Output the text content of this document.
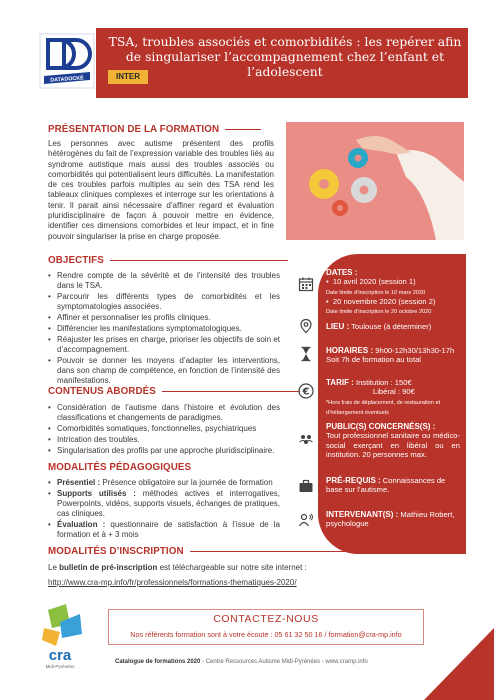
DATADOCKÉ
TSA, troubles associés et comorbidités : les repérer afin de singulariser l’accompagnement chez l’enfant et l’adolescent
INTER
PRÉSENTATION DE LA FORMATION
Les personnes avec autisme présentent des profils hétérogènes du fait de l’expression variable des troubles liés au syndrome autistique mais aussi des troubles associés ou comorbidités qui potentialisent leurs difficultés. La manifestation de ces troubles parfois multiples au sein des TSA rend les tableaux cliniques complexes et interroge sur les orientations à tenir. Il parait ainsi nécessaire d’affiner regard et évaluation pluridisciplinaire de façon à pouvoir mettre en évidence, identifier ces dimensions comorbides et leur impact, et in fine pouvoir singulariser la prise en charge proposée.
OBJECTIFS
• Rendre compte de la sévérité et de l’intensité des troubles dans le TSA.
• Parcourir les différents types de comorbidités et les symptomatologies associées.
• Affiner et personnaliser les profils cliniques.
• Différencier les manifestations symptomatologiques.
• Réajuster les prises en charge, prioriser les objectifs de soin et d’accompagnement.
• Pouvoir se donner les moyens d’adapter les interventions, dans son champ de compétence, en fonction de l’intensité des manifestations.
CONTENUS ABORDÉS
• Considération de l’autisme dans l’histoire et évolution des classifications et changements de paradigmes.
• Comorbidités somatiques, fonctionnelles, psychiatriques
• Intrication des troubles.
• Singularisation des profils par une approche pluridisciplinaire.
MODALITÉS PÉDAGOGIQUES
• Présentiel : Présence obligatoire sur la journée de formation
• Supports utilisés : méthodes actives et interrogatives, Powerpoints, vidéos, supports visuels, échanges de pratiques, cas cliniques.
• Évaluation : questionnaire de satisfaction à l’issue de la formation et à + 3 mois
MODALITÉS D’INSCRIPTION
Le bulletin de pré-inscription est téléchargeable sur notre site internet :
http://www.cra-mp.info/fr/professionnels/formations-thematiques-2020/
€
DATES :
•  10 avril 2020 (session 1)
Date limite d’inscription le 10 mars 2020
•  20 novembre 2020 (session 2)
Date limite d’inscription le 20 octobre 2020
LIEU : Toulouse (à déterminer)
HORAIRES : 9h00-12h30/13h30-17h
Soit 7h de formation au total
TARIF : Institution : 150€
Libéral : 90€
*Hors frais de déplacement, de restauration et d’hébergement éventuels
PUBLIC(S) CONCERNÉS(S) :
Tout professionnel sanitaire ou médico-social exerçant en libéral ou en institution. 20 personnes max.
PRÉ-REQUIS : Connaissances de base sur l’autisme.
INTERVENANT(S) : Mathieu Robert, psychologue
CONTACTEZ-NOUS
Nos référents formation sont à votre écoute : 05 61 32 50 16 / formation@cra-mp.info
cra
Midi-Pyrénées
Catalogue de formations 2020 - Centre Ressources Autisme Midi-Pyrénées - www.cramp.info	20
